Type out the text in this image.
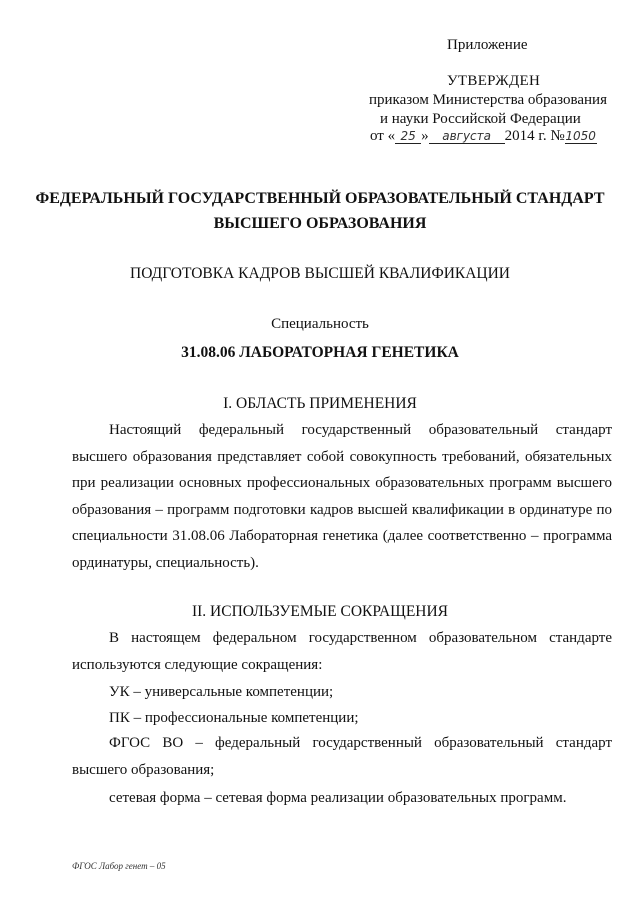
Приложение
УТВЕРЖДЕН
приказом Министерства образования
и науки Российской Федерации
от « 25 » августа 2014 г. №1050
ФЕДЕРАЛЬНЫЙ ГОСУДАРСТВЕННЫЙ ОБРАЗОВАТЕЛЬНЫЙ СТАНДАРТ
ВЫСШЕГО ОБРАЗОВАНИЯ
ПОДГОТОВКА КАДРОВ ВЫСШЕЙ КВАЛИФИКАЦИИ
Специальность
31.08.06 ЛАБОРАТОРНАЯ ГЕНЕТИКА
I. ОБЛАСТЬ ПРИМЕНЕНИЯ
Настоящий федеральный государственный образовательный стандарт высшего образования представляет собой совокупность требований, обязательных при реализации основных профессиональных образовательных программ высшего образования – программ подготовки кадров высшей квалификации в ординатуре по специальности 31.08.06 Лабораторная генетика (далее соответственно – программа ординатуры, специальность).
II. ИСПОЛЬЗУЕМЫЕ СОКРАЩЕНИЯ
В настоящем федеральном государственном образовательном стандарте используются следующие сокращения:
УК – универсальные компетенции;
ПК – профессиональные компетенции;
ФГОС ВО – федеральный государственный образовательный стандарт высшего образования;
сетевая форма – сетевая форма реализации образовательных программ.
ФГОС Лабор генет – 05
